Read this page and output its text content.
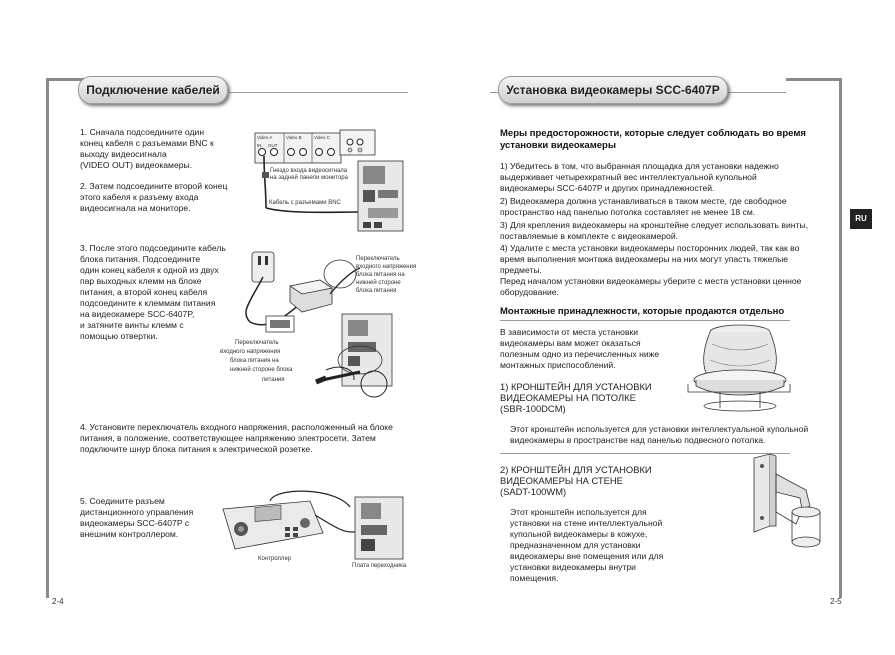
Подключение кабелей
1. Сначала подсоедините один
конец кабеля с разъемами BNC к
выходу видеосигнала
(VIDEO OUT) видеокамеры.
2. Затем подсоедините второй конец
этого кабеля к разъему входа
видеосигнала на мониторе.
3. После этого подсоедините кабель
блока питания. Подсоедините
один конец кабеля к одной из двух
пар выходных клемм на блоке
питания, а второй конец кабеля
подсоедините к клеммам питания
на видеокамере SCC-6407P,
и затяните винты клемм с
помощью отвертки.
4. Установите переключатель входного напряжения, расположенный на блоке
питания, в положение, соответствующее напряжению электросети. Затем
подключите шнур блока питания к электрической розетке.
5. Соедините разъем
дистанционного управления
видеокамеры SCC-6407P с
внешним контроллером.
Video A	Video B	Video C
IN OUT
Гнездо входа видеосигнала
на задней панели монитора
Кабель с разъемами BNC
Переключатель
входного напряжения
блока питания на
нижней стороне
блока питания
Переключатель
входного напряжения
блока питания на
нижней стороне блока
питания
Контроллер
Плата переходника
2-4
Установка видеокамеры SCC-6407P
RU
Меры предосторожности, которые следует соблюдать во время
установки видеокамеры
1) Убедитесь в том, что выбранная площадка для установки надежно
выдерживает четырехкратный вес интеллектуальной купольной
видеокамеры SCC-6407P и других принадлежностей.
2) Видеокамера должна устанавливаться в таком месте, где свободное
пространство над панелью потолка составляет не менее 18 см.
3) Для крепления видеокамеры на кронштейне следует использовать винты,
поставляемые в комплекте с видеокамерой.
4) Удалите с места установки видеокамеры посторонних людей, так как во
время выполнения монтажа видеокамеры на них могут упасть тяжелые
предметы.
Перед началом установки видеокамеры уберите с места установки ценное
оборудование.
Монтажные принадлежности, которые продаются отдельно
В зависимости от места установки
видеокамеры вам может оказаться
полезным одно из перечисленных ниже
монтажных приспособлений.
1) КРОНШТЕЙН ДЛЯ УСТАНОВКИ
ВИДЕОКАМЕРЫ НА ПОТОЛКЕ
(SBR-100DCM)
Этот кронштейн используется для установки интеллектуальной купольной
видеокамеры в пространстве над панелью подвесного потолка.
2) КРОНШТЕЙН ДЛЯ УСТАНОВКИ
ВИДЕОКАМЕРЫ НА СТЕНЕ
(SADT-100WM)
Этот кронштейн используется для
установки на стене интеллектуальной
купольной видеокамеры в кожухе,
предназначенном для установки
видеокамеры вне помещения или для
установки видеокамеры внутри
помещения.
2-5
